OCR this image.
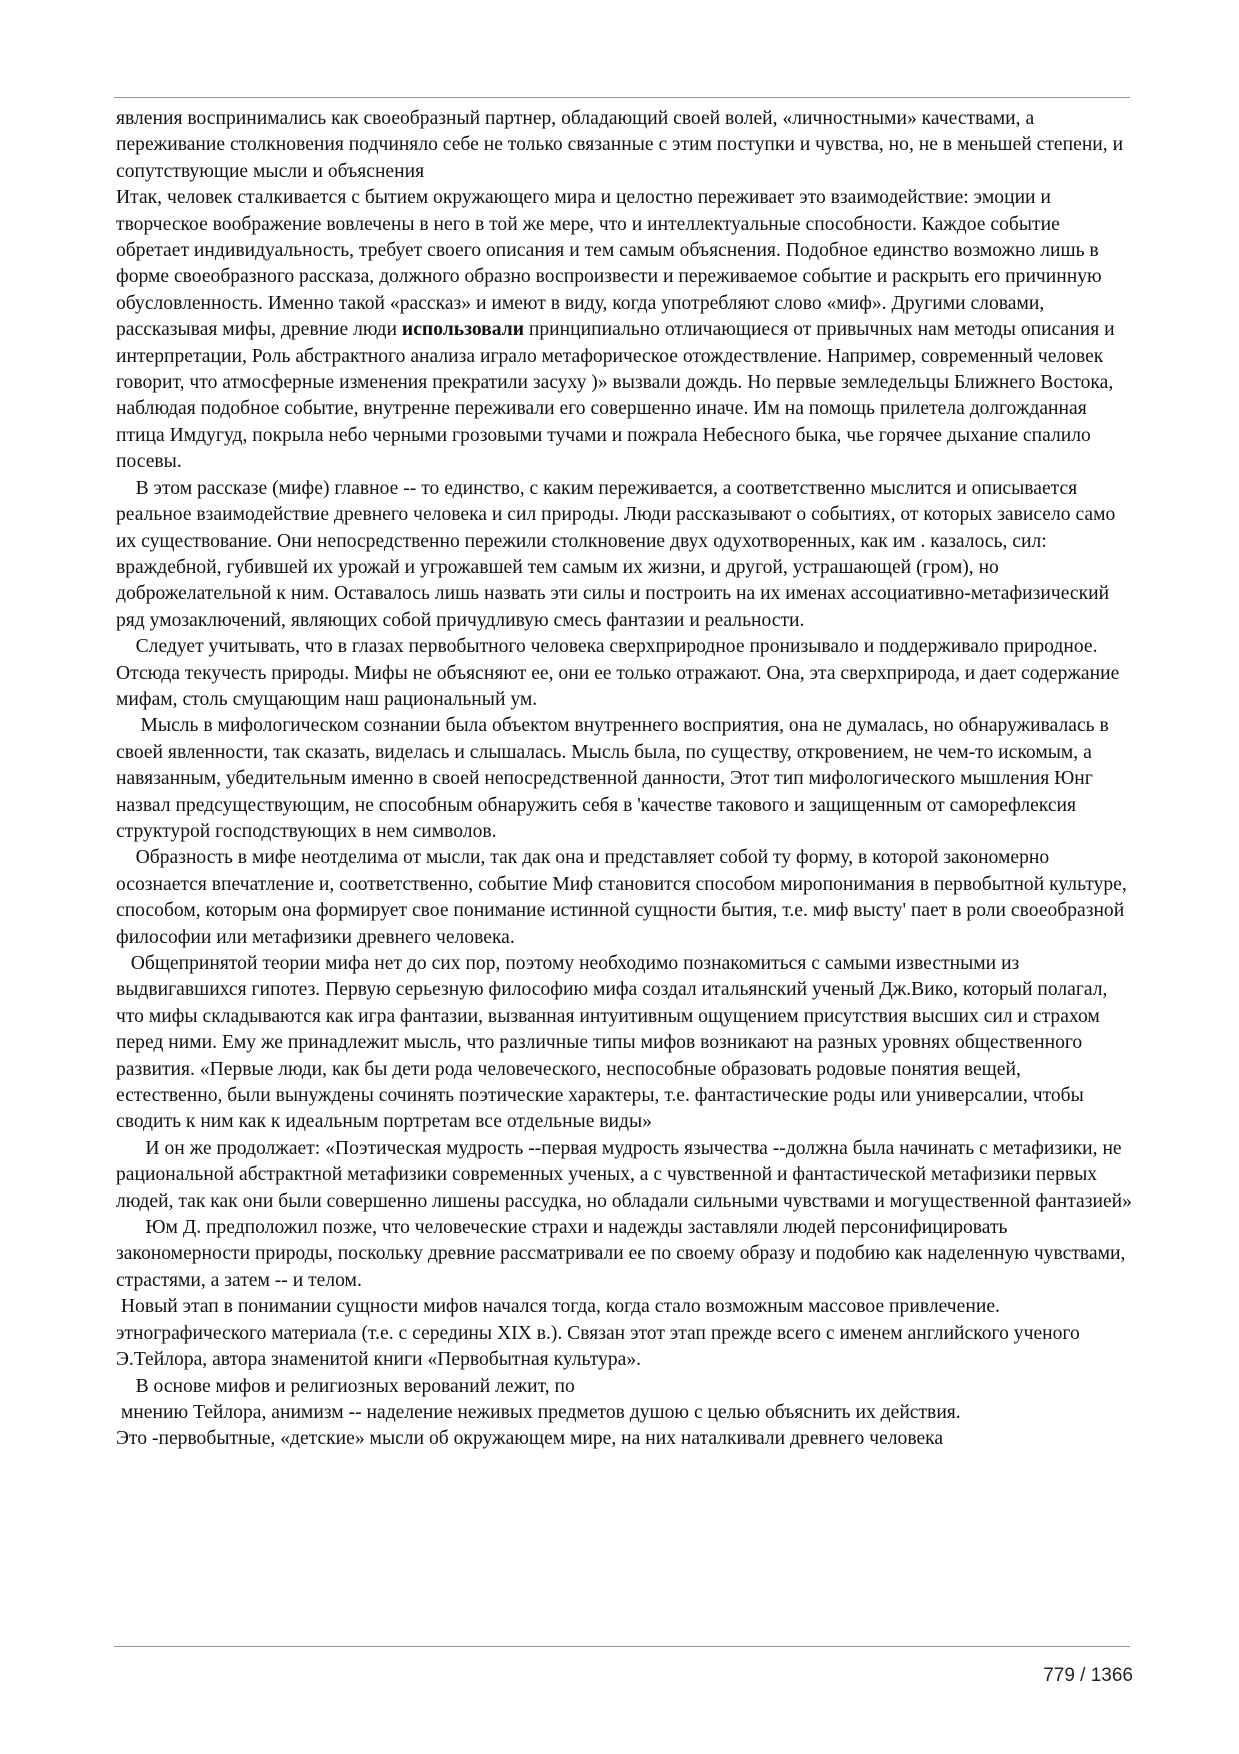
явления воспринимались как своеобразный партнер, обладающий своей волей, «личностными» качествами, а переживание столкновения подчиняло себе не только связанные с этим поступки и чувства, но, не в меньшей степени, и сопутствующие мысли и объяснения

Итак, человек сталкивается с бытием окружающего мира и целостно переживает это взаимодействие: эмоции и творческое воображение вовлечены в него в той же мере, что и интеллектуальные способности. Каждое событие обретает индивидуальность, требует своего описания и тем самым объяснения. Подобное единство возможно лишь в форме своеобразного рассказа, должного образно воспроизвести и переживаемое событие и раскрыть его причинную обусловленность. Именно такой «рассказ» и имеют в виду, когда употребляют слово «миф». Другими словами, рассказывая мифы, древние люди использовали принципиально отличающиеся от привычных нам методы описания и интерпретации, Роль абстрактного анализа играло метафорическое отождествление. Например, современный человек говорит, что атмосферные изменения прекратили засуху )» вызвали дождь. Но первые земледельцы Ближнего Востока, наблюдая подобное событие, внутренне переживали его совершенно иначе. Им на помощь прилетела долгожданная птица Имдугуд, покрыла небо черными грозовыми тучами и пожрала Небесного быка, чье горячее дыхание спалило посевы.

В этом рассказе (мифе) главное -- то единство, с каким переживается, а соответственно мыслится и описывается реальное взаимодействие древнего человека и сил природы. Люди рассказывают о событиях, от которых зависело само их существование. Они непосредственно пережили столкновение двух одухотворенных, как им . казалось, сил: враждебной, губившей их урожай и угрожавшей тем самым их жизни, и другой, устрашающей (гром), но доброжелательной к ним. Оставалось лишь назвать эти силы и построить на их именах ассоциативно-метафизический ряд умозаключений, являющих собой причудливую смесь фантазии и реальности.

Следует учитывать, что в глазах первобытного человека сверхприродное пронизывало и поддерживало природное. Отсюда текучесть природы. Мифы не объясняют ее, они ее только отражают. Она, эта сверхприрода, и дает содержание мифам, столь смущающим наш рациональный ум.

Мысль в мифологическом сознании была объектом внутреннего восприятия, она не думалась, но обнаруживалась в своей явленности, так сказать, виделась и слышалась. Мысль была, по существу, откровением, не чем-то искомым, а навязанным, убедительным именно в своей непосредственной данности, Этот тип мифологического мышления Юнг назвал предсуществующим, не способным обнаружить себя в 'качестве такового и защищенным от саморефлексия структурой господствующих в нем символов.

Образность в мифе неотделима от мысли, так дак она и представляет собой ту форму, в которой закономерно осознается впечатление и, соответственно, событие Миф становится способом миропонимания в первобытной культуре, способом, которым она формирует свое понимание истинной сущности бытия, т.е. миф высту' пает в роли своеобразной философии или метафизики древнего человека.

Общепринятой теории мифа нет до сих пор, поэтому необходимо познакомиться с самыми известными из выдвигавшихся гипотез. Первую серьезную философию мифа создал итальянский ученый Дж.Вико, который полагал, что мифы складываются как игра фантазии, вызванная интуитивным ощущением присутствия высших сил и страхом перед ними. Ему же принадлежит мысль, что различные типы мифов возникают на разных уровнях общественного развития. «Первые люди, как бы дети рода человеческого, неспособные образовать родовые понятия вещей, естественно, были вынуждены сочинять поэтические характеры, т.е. фантастические роды или универсалии, чтобы сводить к ним как к идеальным портретам все отдельные виды»

И он же продолжает: «Поэтическая мудрость --первая мудрость язычества --должна была начинать с метафизики, не рациональной абстрактной метафизики современных ученых, а с чувственной и фантастической метафизики первых людей, так как они были совершенно лишены рассудка, но обладали сильными чувствами и могущественной фантазией»

Юм Д. предположил позже, что человеческие страхи и надежды заставляли людей персонифицировать закономерности природы, поскольку древние рассматривали ее по своему образу и подобию как наделенную чувствами, страстями, а затем -- и телом.

Новый этап в понимании сущности мифов начался тогда, когда стало возможным массовое привлечение. этнографического материала (т.е. с середины XIX в.). Связан этот этап прежде всего с именем английского ученого Э.Тейлора, автора знаменитой книги «Первобытная культура».

В основе мифов и религиозных верований лежит, по

мнению Тейлора, анимизм -- наделение неживых предметов душою с целью объяснить их действия.

Это -первобытные, «детские» мысли об окружающем мире, на них наталкивали древнего человека

779 / 1366
